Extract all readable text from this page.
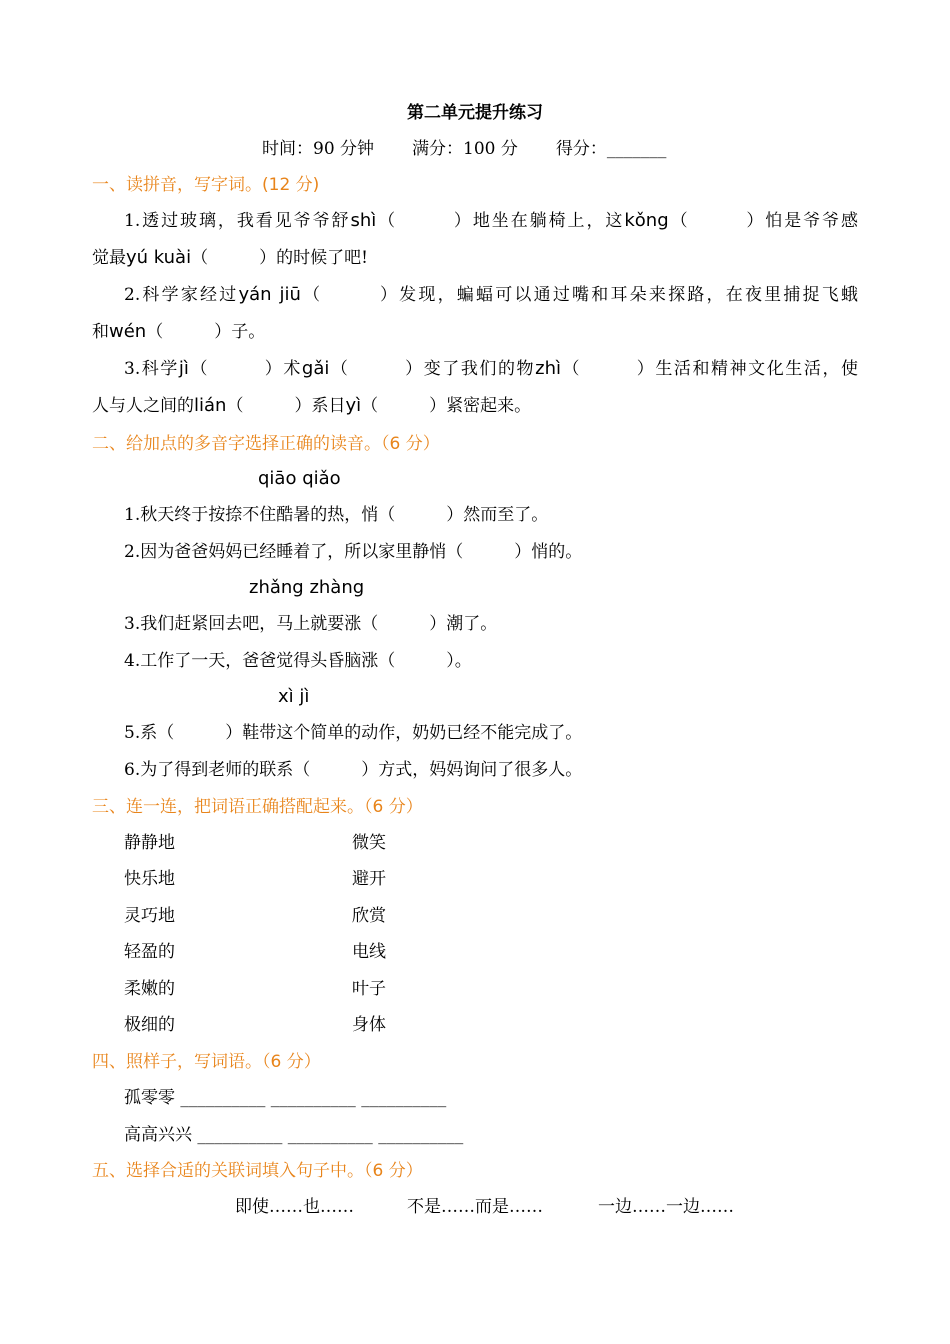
第二单元提升练习
时间：90 分钟 满分：100 分 得分：_______
一、读拼音，写字词。(12 分)
1.透过玻璃，我看见爷爷舒shì（　　　）地坐在躺椅上，这kǒng（　　　）怕是爷爷感
觉最yú kuài（　　　）的时候了吧!
2.科学家经过yán jiū（　　　）发现，蝙蝠可以通过嘴和耳朵来探路，在夜里捕捉飞蛾
和wén（　　　）子。
3.科学jì（　　　）术gǎi（　　　）变了我们的物zhì（　　　）生活和精神文化生活，使
人与人之间的lián（　　　）系日yì（　　　）紧密起来。
二、给加点的多音字选择正确的读音。（6 分）
qiāo qiǎo
1.秋天终于按捺不住酷暑的热，悄（　　　）然而至了。
2.因为爸爸妈妈已经睡着了，所以家里静悄（　　　）悄的。
zhǎng zhàng
3.我们赶紧回去吧，马上就要涨（　　　）潮了。
4.工作了一天，爸爸觉得头昏脑涨（　　　）。
xì jì
5.系（　　　）鞋带这个简单的动作，奶奶已经不能完成了。
6.为了得到老师的联系（　　　）方式，妈妈询问了很多人。
三、连一连，把词语正确搭配起来。（6 分）
静静地
快乐地
灵巧地
轻盈的
柔嫩的
极细的
微笑
避开
欣赏
电线
叶子
身体
四、照样子，写词语。（6 分）
孤零零 __________ __________ __________
高高兴兴 __________ __________ __________
五、选择合适的关联词填入句子中。（6 分）
即使……也……	不是……而是……	一边……一边……
